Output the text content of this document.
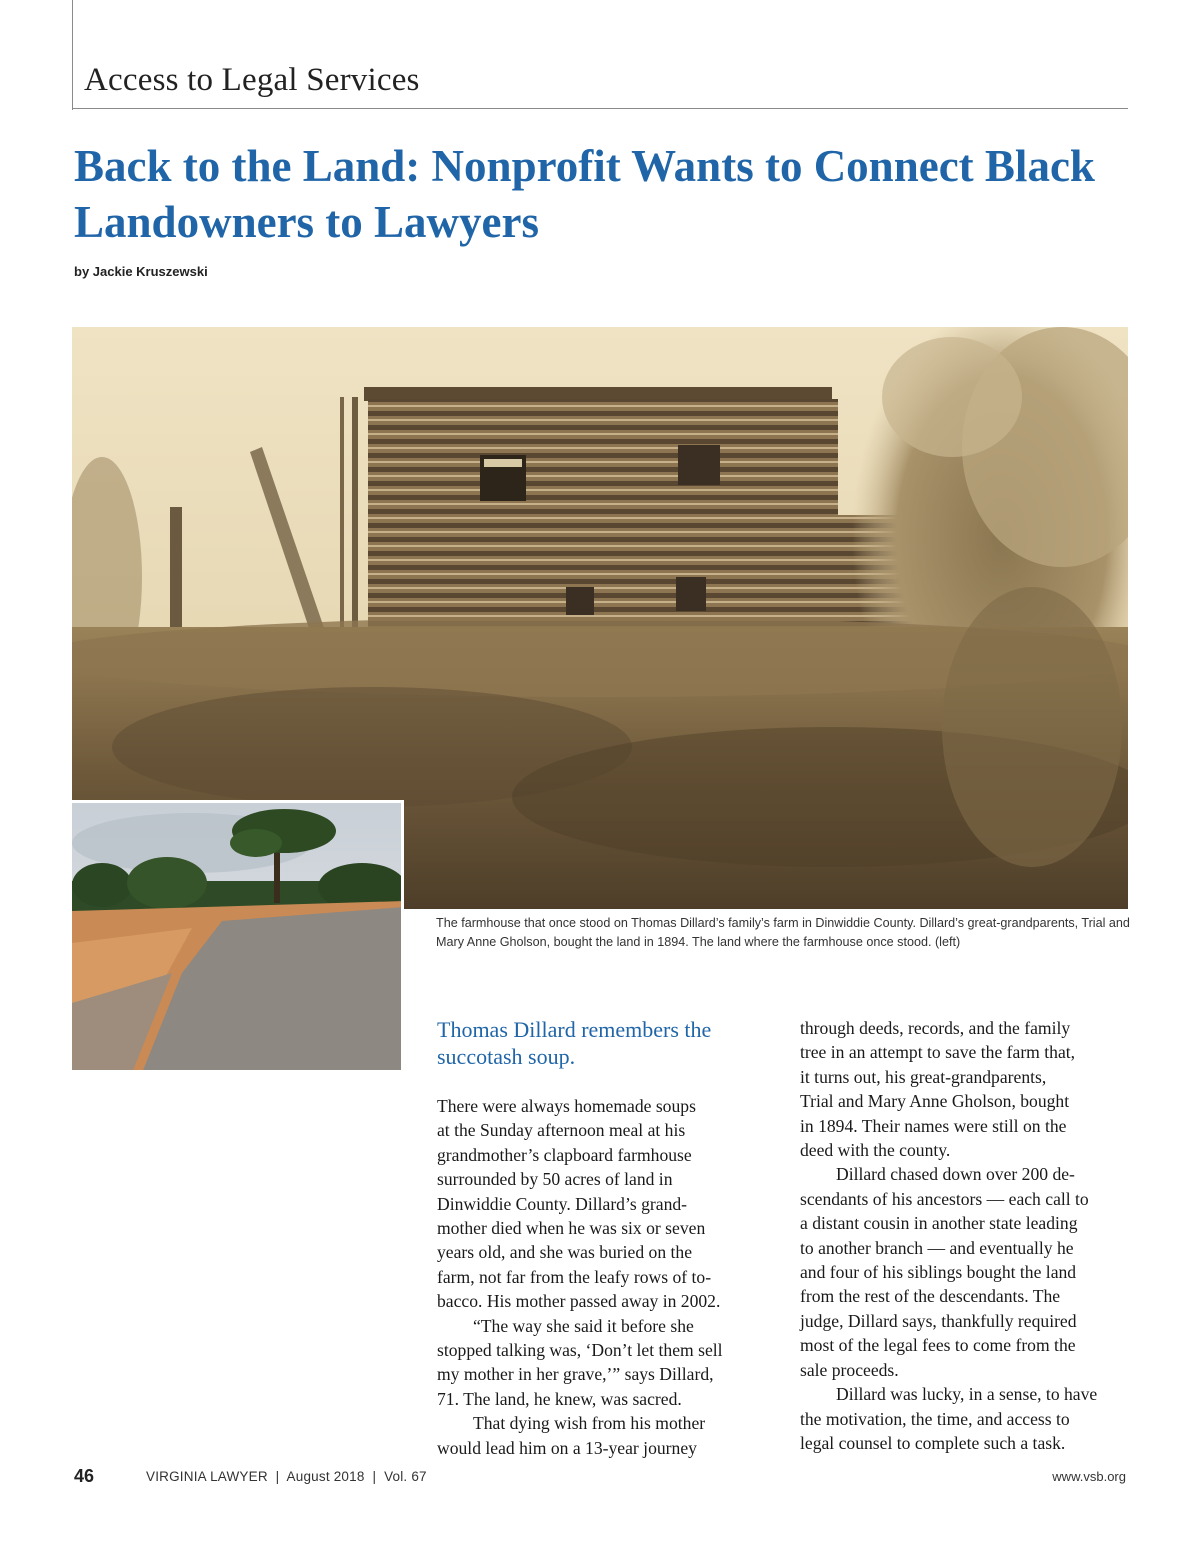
Access to Legal Services
Back to the Land: Nonprofit Wants to Connect Black Landowners to Lawyers
by Jackie Kruszewski
The farmhouse that once stood on Thomas Dillard’s family’s farm in Dinwiddie County. Dillard’s great-grandparents, Trial and Mary Anne Gholson, bought the land in 1894. The land where the farmhouse once stood. (left)
Thomas Dillard remembers the succotash soup.
There were always homemade soups
at the Sunday afternoon meal at his
grandmother’s clapboard farmhouse
surrounded by 50 acres of land in
Dinwiddie County. Dillard’s grand-
mother died when he was six or seven
years old, and she was buried on the
farm, not far from the leafy rows of to-
bacco. His mother passed away in 2002.
“The way she said it before she
stopped talking was, ‘Don’t let them sell
my mother in her grave,’” says Dillard,
71. The land, he knew, was sacred.
That dying wish from his mother
would lead him on a 13-year journey
through deeds, records, and the family
tree in an attempt to save the farm that,
it turns out, his great-grandparents,
Trial and Mary Anne Gholson, bought
in 1894. Their names were still on the
deed with the county.
Dillard chased down over 200 de-
scendants of his ancestors — each call to
a distant cousin in another state leading
to another branch — and eventually he
and four of his siblings bought the land
from the rest of the descendants. The
judge, Dillard says, thankfully required
most of the legal fees to come from the
sale proceeds.
Dillard was lucky, in a sense, to have
the motivation, the time, and access to
legal counsel to complete such a task.
46	VIRGINIA LAWYER  |  August 2018  |  Vol. 67	www.vsb.org
